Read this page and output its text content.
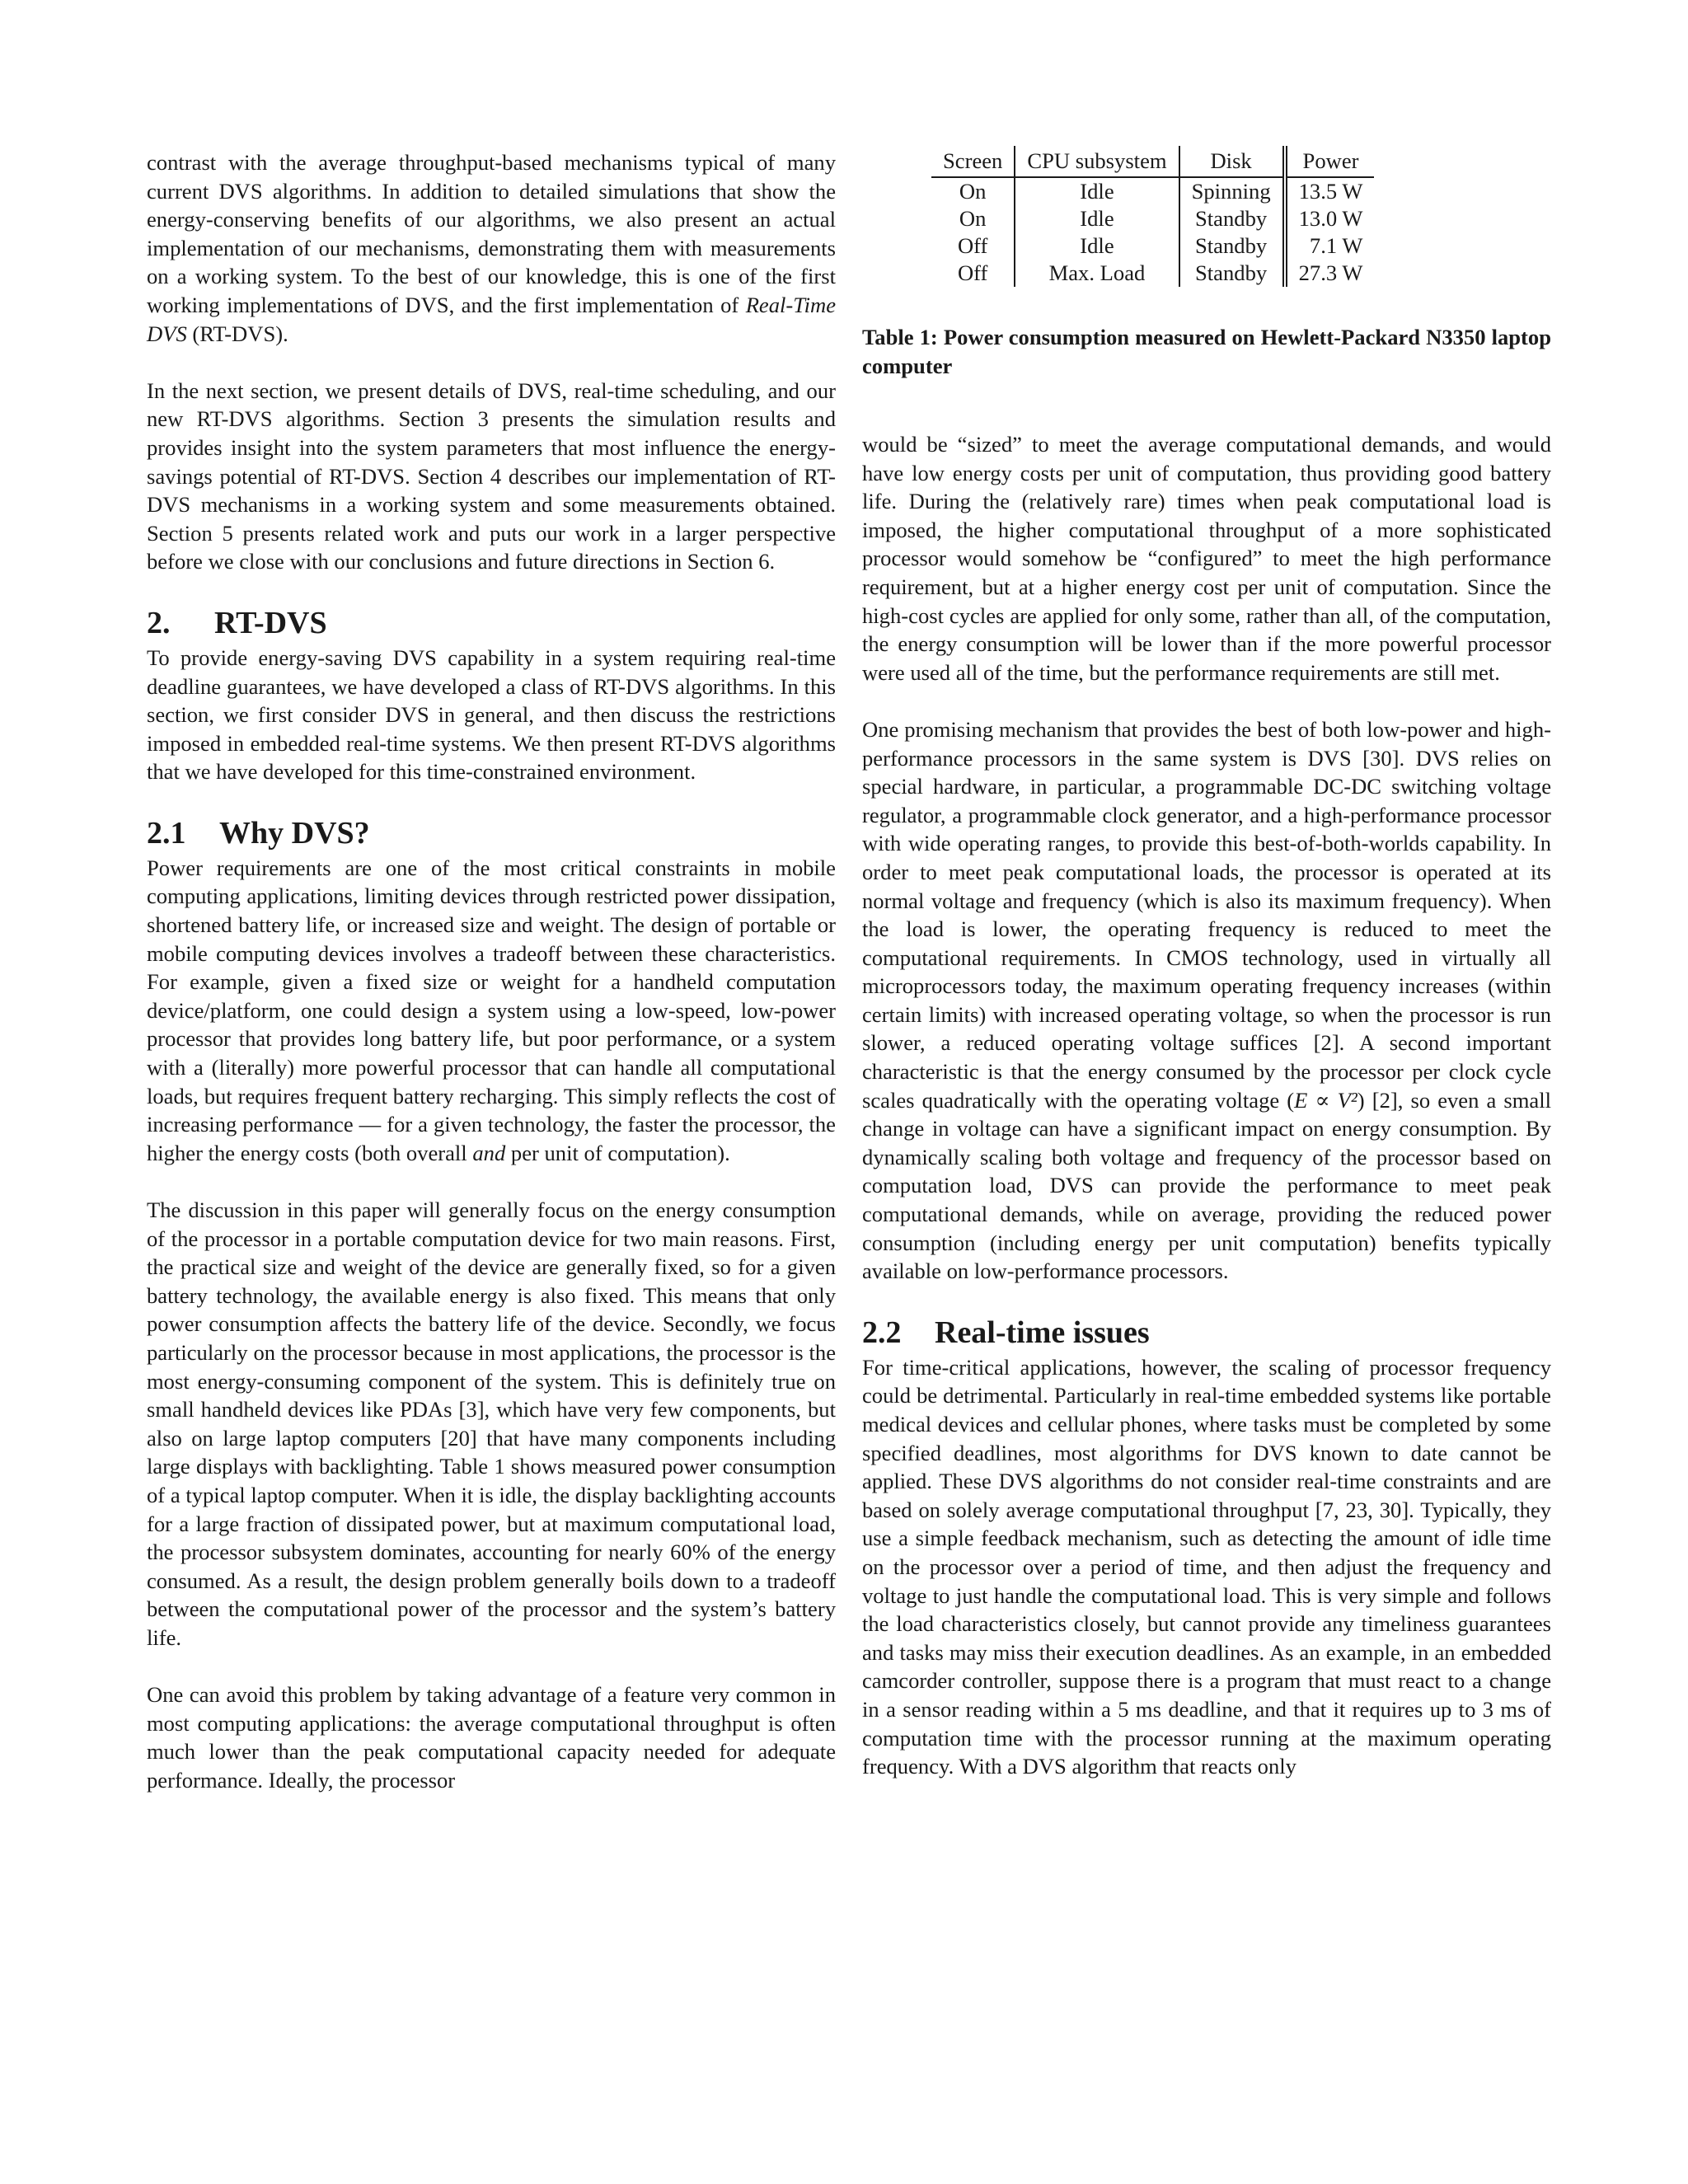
contrast with the average throughput-based mechanisms typical of many current DVS algorithms. In addition to detailed simulations that show the energy-conserving benefits of our algorithms, we also present an actual implementation of our mechanisms, demonstrating them with measurements on a working system. To the best of our knowledge, this is one of the first working implementations of DVS, and the first implementation of Real-Time DVS (RT-DVS).

In the next section, we present details of DVS, real-time scheduling, and our new RT-DVS algorithms. Section 3 presents the simulation results and provides insight into the system parameters that most influence the energy-savings potential of RT-DVS. Section 4 describes our implementation of RT-DVS mechanisms in a working system and some measurements obtained. Section 5 presents related work and puts our work in a larger perspective before we close with our conclusions and future directions in Section 6.

2. RT-DVS

To provide energy-saving DVS capability in a system requiring real-time deadline guarantees, we have developed a class of RT-DVS algorithms. In this section, we first consider DVS in general, and then discuss the restrictions imposed in embedded real-time systems. We then present RT-DVS algorithms that we have developed for this time-constrained environment.

2.1 Why DVS?

Power requirements are one of the most critical constraints in mobile computing applications, limiting devices through restricted power dissipation, shortened battery life, or increased size and weight. The design of portable or mobile computing devices involves a tradeoff between these characteristics. For example, given a fixed size or weight for a handheld computation device/platform, one could design a system using a low-speed, low-power processor that provides long battery life, but poor performance, or a system with a (literally) more powerful processor that can handle all computational loads, but requires frequent battery recharging. This simply reflects the cost of increasing performance — for a given technology, the faster the processor, the higher the energy costs (both overall and per unit of computation).

The discussion in this paper will generally focus on the energy consumption of the processor in a portable computation device for two main reasons. First, the practical size and weight of the device are generally fixed, so for a given battery technology, the available energy is also fixed. This means that only power consumption affects the battery life of the device. Secondly, we focus particularly on the processor because in most applications, the processor is the most energy-consuming component of the system. This is definitely true on small handheld devices like PDAs [3], which have very few components, but also on large laptop computers [20] that have many components including large displays with backlighting. Table 1 shows measured power consumption of a typical laptop computer. When it is idle, the display backlighting accounts for a large fraction of dissipated power, but at maximum computational load, the processor subsystem dominates, accounting for nearly 60% of the energy consumed. As a result, the design problem generally boils down to a tradeoff between the computational power of the processor and the system’s battery life.

One can avoid this problem by taking advantage of a feature very common in most computing applications: the average computational throughput is often much lower than the peak computational capacity needed for adequate performance. Ideally, the processor

Screen	CPU subsystem	Disk	Power
On	Idle	Spinning	13.5 W
On	Idle	Standby	13.0 W
Off	Idle	Standby	7.1 W
Off	Max. Load	Standby	27.3 W
Table 1: Power consumption measured on Hewlett-Packard N3350 laptop computer

would be “sized” to meet the average computational demands, and would have low energy costs per unit of computation, thus providing good battery life. During the (relatively rare) times when peak computational load is imposed, the higher computational throughput of a more sophisticated processor would somehow be “configured” to meet the high performance requirement, but at a higher energy cost per unit of computation. Since the high-cost cycles are applied for only some, rather than all, of the computation, the energy consumption will be lower than if the more powerful processor were used all of the time, but the performance requirements are still met.

One promising mechanism that provides the best of both low-power and high-performance processors in the same system is DVS [30]. DVS relies on special hardware, in particular, a programmable DC-DC switching voltage regulator, a programmable clock generator, and a high-performance processor with wide operating ranges, to provide this best-of-both-worlds capability. In order to meet peak computational loads, the processor is operated at its normal voltage and frequency (which is also its maximum frequency). When the load is lower, the operating frequency is reduced to meet the computational requirements. In CMOS technology, used in virtually all microprocessors today, the maximum operating frequency increases (within certain limits) with increased operating voltage, so when the processor is run slower, a reduced operating voltage suffices [2]. A second important characteristic is that the energy consumed by the processor per clock cycle scales quadratically with the operating voltage (E ∝ V²) [2], so even a small change in voltage can have a significant impact on energy consumption. By dynamically scaling both voltage and frequency of the processor based on computation load, DVS can provide the performance to meet peak computational demands, while on average, providing the reduced power consumption (including energy per unit computation) benefits typically available on low-performance processors.

2.2 Real-time issues

For time-critical applications, however, the scaling of processor frequency could be detrimental. Particularly in real-time embedded systems like portable medical devices and cellular phones, where tasks must be completed by some specified deadlines, most algorithms for DVS known to date cannot be applied. These DVS algorithms do not consider real-time constraints and are based on solely average computational throughput [7, 23, 30]. Typically, they use a simple feedback mechanism, such as detecting the amount of idle time on the processor over a period of time, and then adjust the frequency and voltage to just handle the computational load. This is very simple and follows the load characteristics closely, but cannot provide any timeliness guarantees and tasks may miss their execution deadlines. As an example, in an embedded camcorder controller, suppose there is a program that must react to a change in a sensor reading within a 5 ms deadline, and that it requires up to 3 ms of computation time with the processor running at the maximum operating frequency. With a DVS algorithm that reacts only
